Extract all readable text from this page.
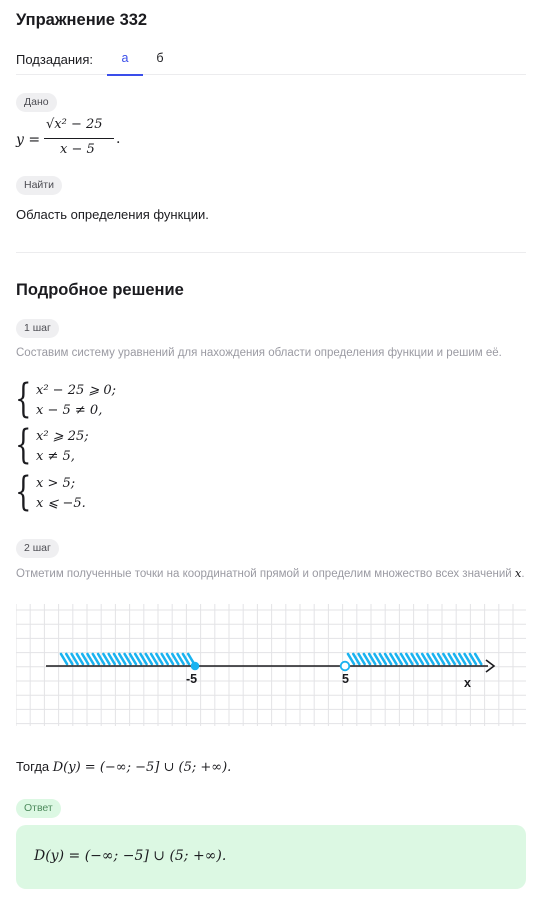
Упражнение 332
Подзадания:	а	б
Дано
y =
√x² − 25
x − 5
.
Найти
Область определения функции.
Подробное решение
1 шаг
Составим систему уравнений для нахождения области определения функции и решим её.
{ x² − 25 ⩾ 0;
x − 5 ≠ 0,
{ x² ⩾ 25;
x ≠ 5,
{ x > 5;
x ⩽ −5.
2 шаг
Отметим полученные точки на координатной прямой и определим множество всех значений x.
-5	5	x
Тогда D(y) = (−∞; −5] ∪ (5; +∞).
Ответ
D(y) = (−∞; −5] ∪ (5; +∞).
